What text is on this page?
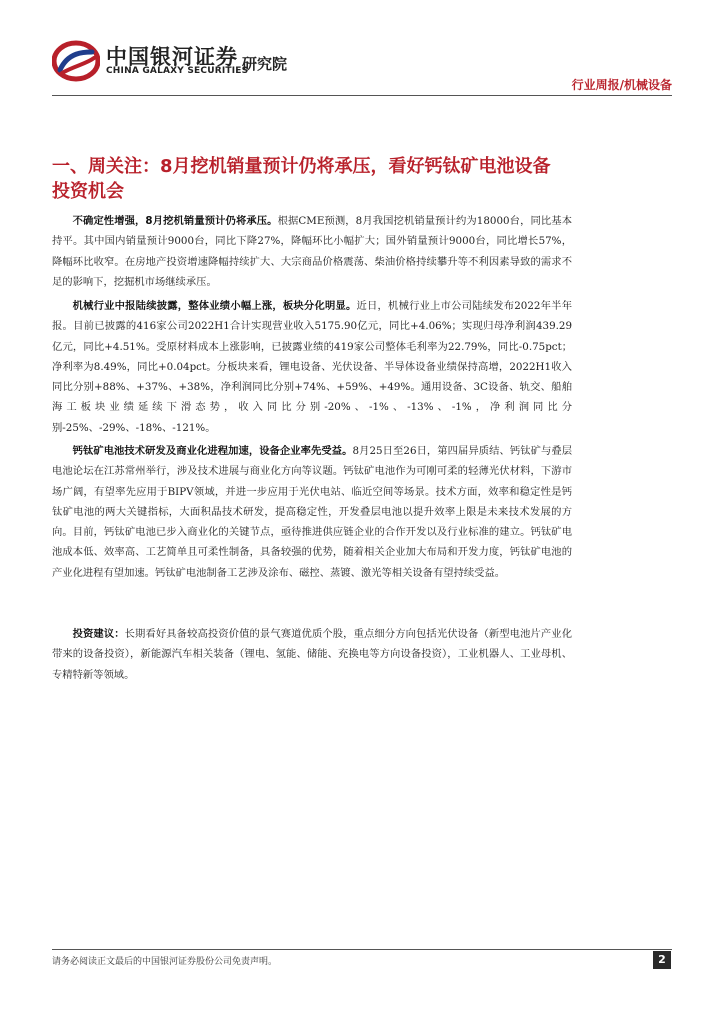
中国银河证券 研究院
CHINA GALAXY SECURITIES
行业周报/机械设备
一、周关注：8月挖机销量预计仍将承压，看好钙钛矿电池设备投资机会

不确定性增强，8月挖机销量预计仍将承压。根据CME预测，8月我国挖机销量预计约为18000台，同比基本持平。其中国内销量预计9000台，同比下降27%，降幅环比小幅扩大；国外销量预计9000台，同比增长57%，降幅环比收窄。在房地产投资增速降幅持续扩大、大宗商品价格震荡、柴油价格持续攀升等不利因素导致的需求不足的影响下，挖掘机市场继续承压。

机械行业中报陆续披露，整体业绩小幅上涨，板块分化明显。近日，机械行业上市公司陆续发布2022年半年报。目前已披露的416家公司2022H1合计实现营业收入5175.90亿元，同比+4.06%；实现归母净利润439.29亿元，同比+4.51%。受原材料成本上涨影响，已披露业绩的419家公司整体毛利率为22.79%，同比-0.75pct；净利率为8.49%，同比+0.04pct。分板块来看，锂电设备、光伏设备、半导体设备业绩保持高增，2022H1收入同比分别+88%、+37%、+38%，净利润同比分别+74%、+59%、+49%。通用设备、3C设备、轨交、船舶海工板块业绩延续下滑态势，收入同比分别-20%、-1%、-13%、-1%，净利润同比分别-25%、-29%、-18%、-121%。

钙钛矿电池技术研发及商业化进程加速，设备企业率先受益。8月25日至26日，第四届异质结、钙钛矿与叠层电池论坛在江苏常州举行，涉及技术进展与商业化方向等议题。钙钛矿电池作为可刚可柔的轻薄光伏材料，下游市场广阔，有望率先应用于BIPV领域，并进一步应用于光伏电站、临近空间等场景。技术方面，效率和稳定性是钙钛矿电池的两大关键指标，大面积晶技术研发，提高稳定性，开发叠层电池以提升效率上限是未来技术发展的方向。目前，钙钛矿电池已步入商业化的关键节点，亟待推进供应链企业的合作开发以及行业标准的建立。钙钛矿电池成本低、效率高、工艺简单且可柔性制备，具备较强的优势，随着相关企业加大布局和开发力度，钙钛矿电池的产业化进程有望加速。钙钛矿电池制备工艺涉及涂布、磁控、蒸镀、激光等相关设备有望持续受益。

投资建议：长期看好具备较高投资价值的景气赛道优质个股，重点细分方向包括光伏设备（新型电池片产业化带来的设备投资），新能源汽车相关装备（锂电、氢能、储能、充换电等方向设备投资），工业机器人、工业母机、专精特新等领域。

请务必阅读正文最后的中国银河证券股份公司免责声明。	2
